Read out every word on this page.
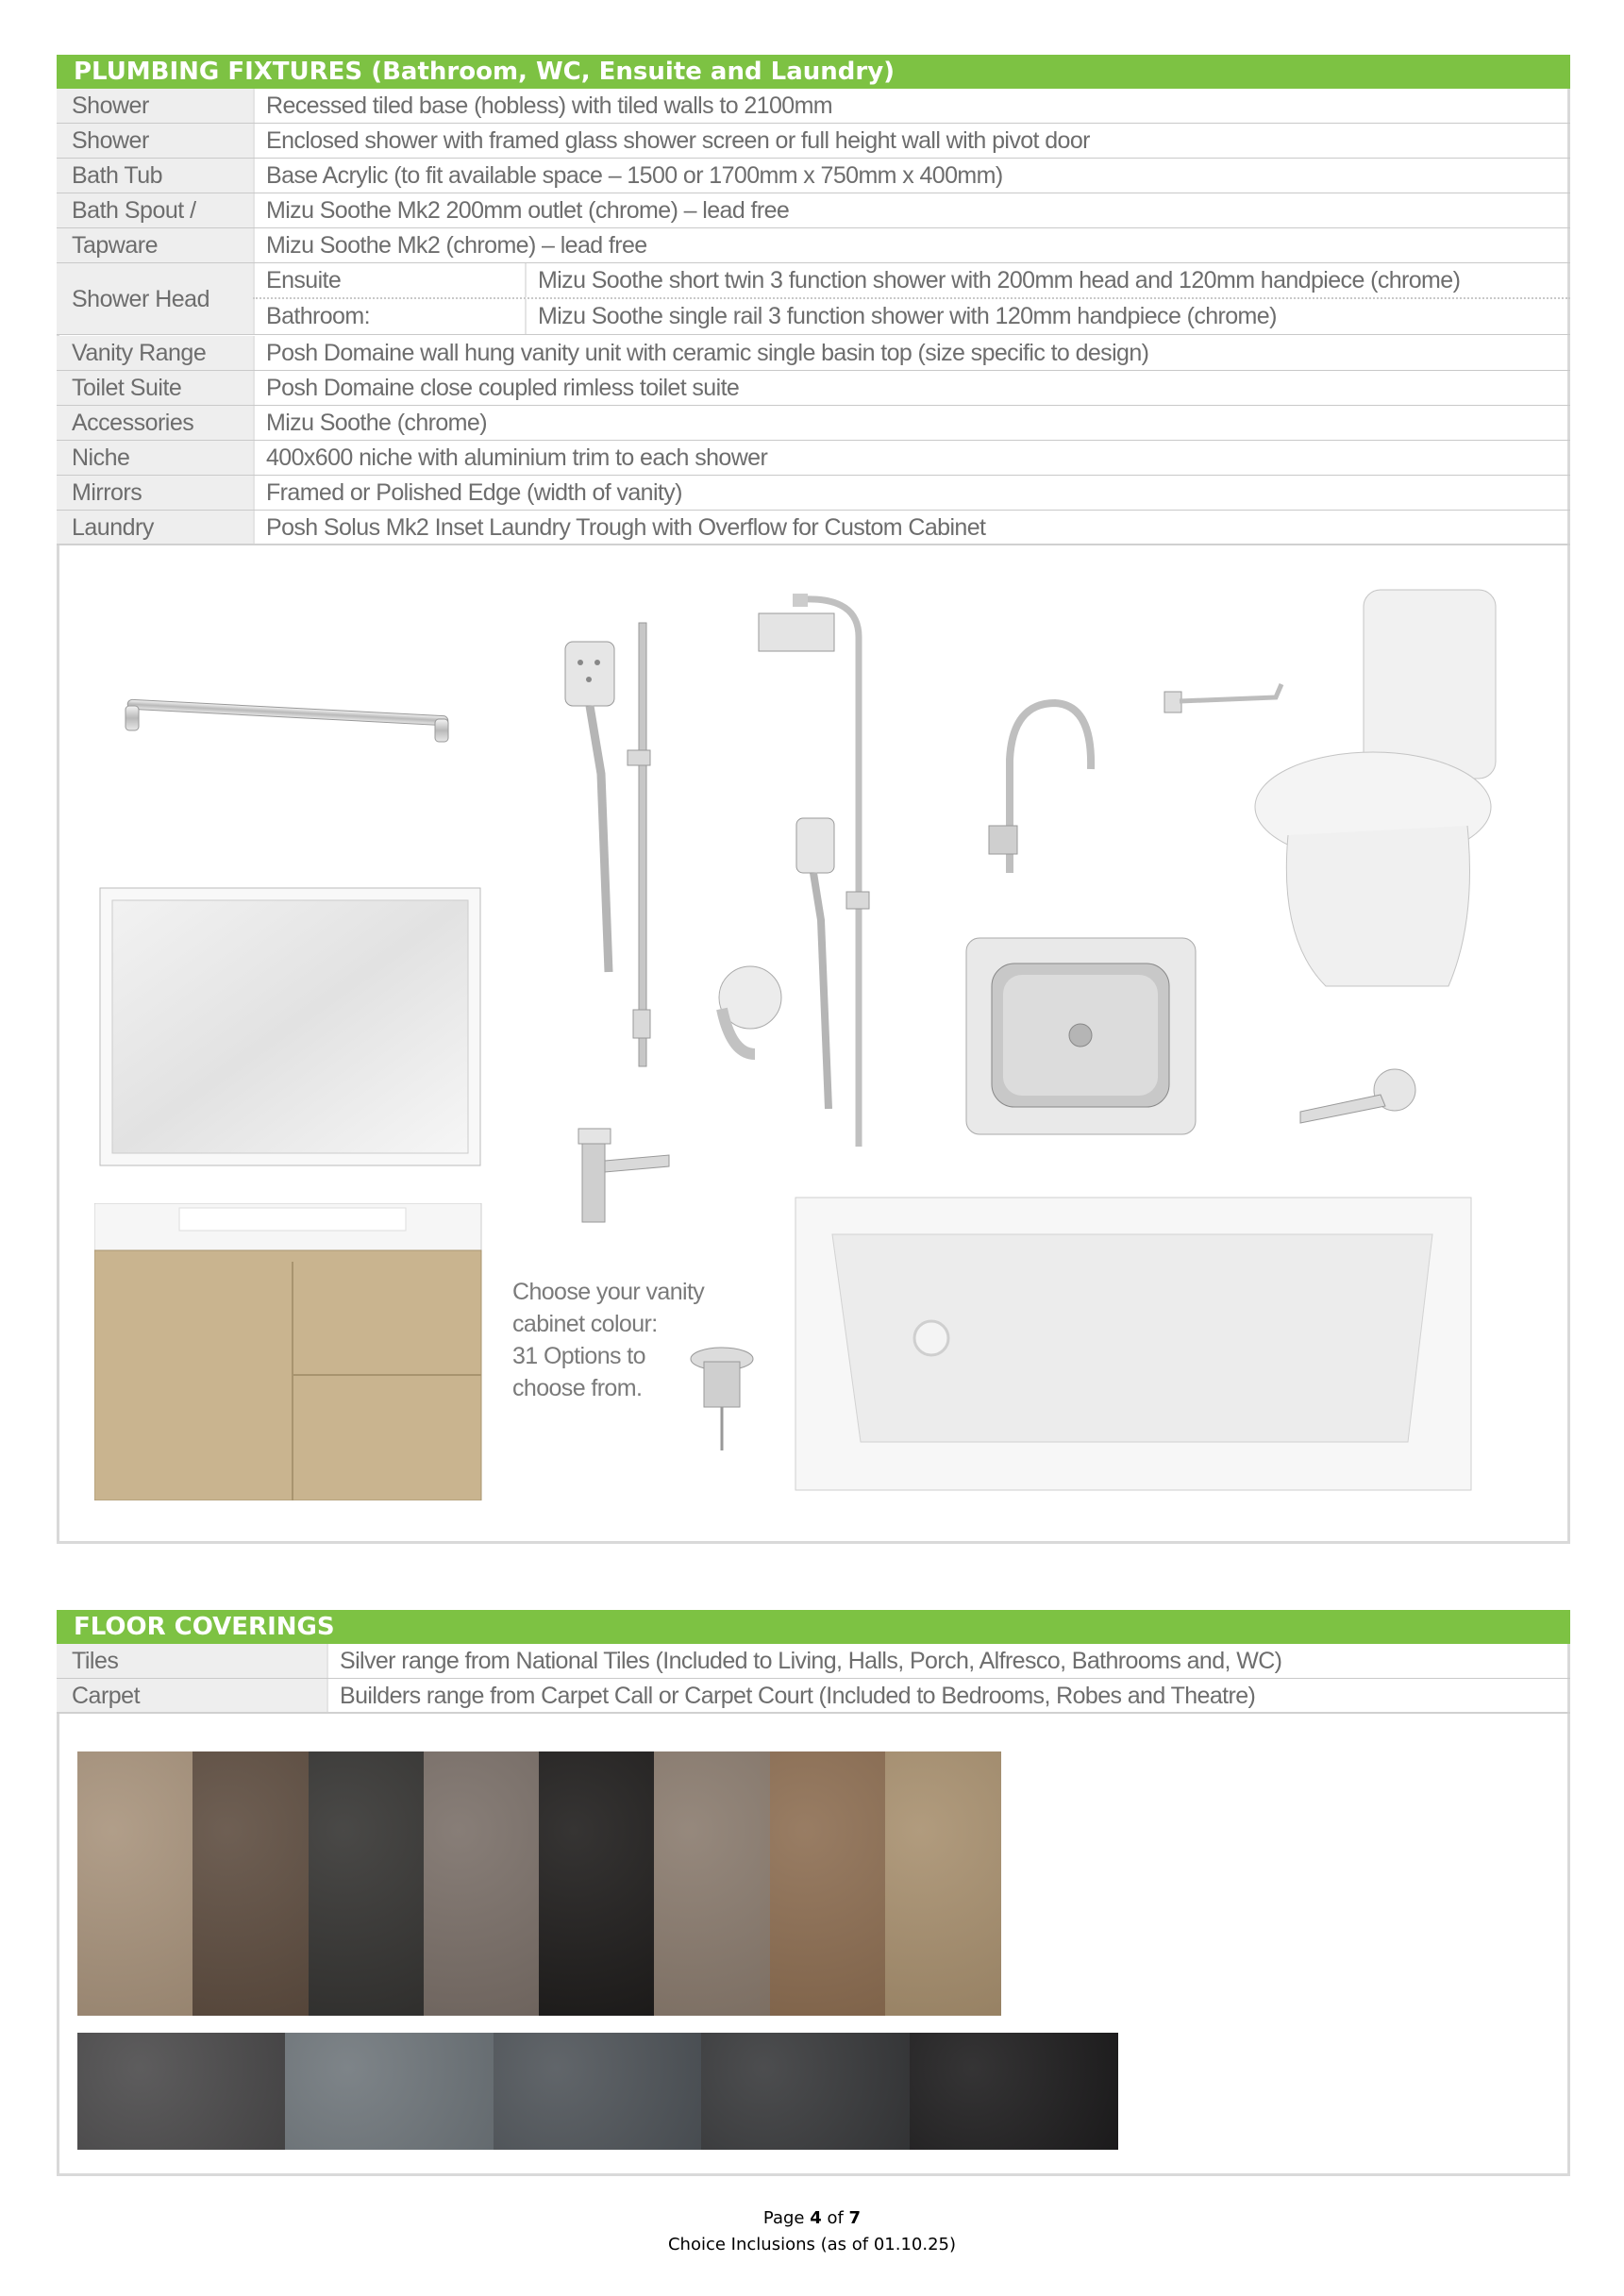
PLUMBING FIXTURES (Bathroom, WC, Ensuite and Laundry)
Shower	Recessed tiled base (hobless) with tiled walls to 2100mm
Shower	Enclosed shower with framed glass shower screen or full height wall with pivot door
Bath Tub	Base Acrylic (to fit available space – 1500 or 1700mm x 750mm x 400mm)
Bath Spout /	Mizu Soothe Mk2 200mm outlet (chrome) – lead free
Tapware	Mizu Soothe Mk2 (chrome) – lead free
Shower Head
Ensuite	Mizu Soothe short twin 3 function shower with 200mm head and 120mm handpiece (chrome)
Bathroom:	Mizu Soothe single rail 3 function shower with 120mm handpiece (chrome)
Vanity Range	Posh Domaine wall hung vanity unit with ceramic single basin top (size specific to design)
Toilet Suite	Posh Domaine close coupled rimless toilet suite
Accessories	Mizu Soothe (chrome)
Niche	400x600 niche with aluminium trim to each shower
Mirrors	Framed or Polished Edge (width of vanity)
Laundry	Posh Solus Mk2 Inset Laundry Trough with Overflow for Custom Cabinet
Choose your vanity
cabinet colour:
31 Options to
choose from.
FLOOR COVERINGS
Tiles	Silver range from National Tiles (Included to Living, Halls, Porch, Alfresco, Bathrooms and, WC)
Carpet	Builders range from Carpet Call or Carpet Court (Included to Bedrooms, Robes and Theatre)
Page 4 of 7
Choice Inclusions (as of 01.10.25)
